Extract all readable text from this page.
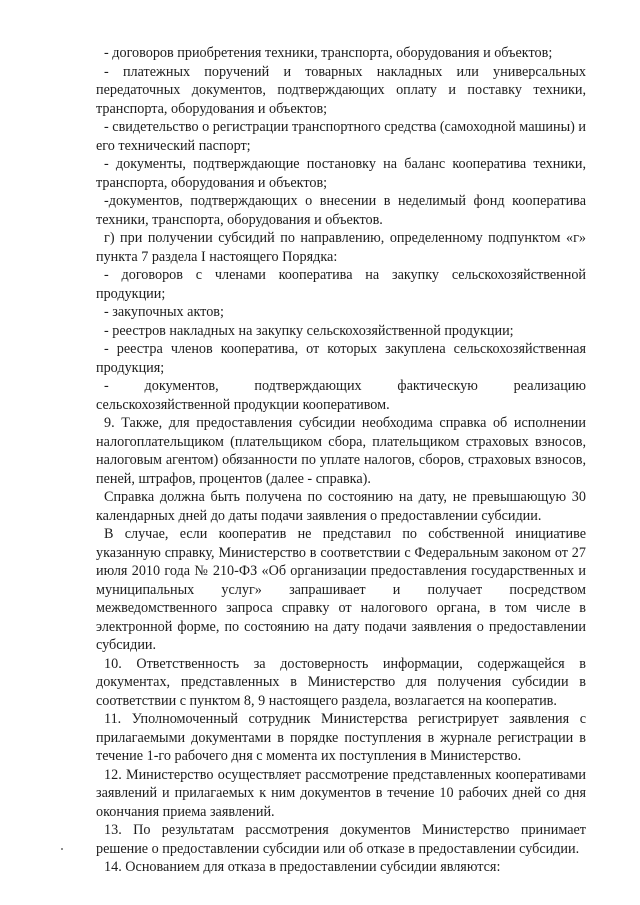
- договоров приобретения техники, транспорта, оборудования и объектов;

- платежных поручений и товарных накладных или универсальных передаточных документов, подтверждающих оплату и поставку техники, транспорта, оборудования и объектов;

- свидетельство о регистрации транспортного средства (самоходной машины) и его технический паспорт;

- документы, подтверждающие постановку на баланс кооператива техники, транспорта, оборудования и объектов;

-документов, подтверждающих о внесении в неделимый фонд кооператива техники, транспорта, оборудования и объектов.

г) при получении субсидий по направлению, определенному подпунктом «г» пункта 7 раздела I настоящего Порядка:

- договоров с членами кооператива на закупку сельскохозяйственной продукции;

- закупочных актов;

- реестров накладных на закупку сельскохозяйственной продукции;

- реестра членов кооператива, от которых закуплена сельскохозяйственная продукция;

- документов, подтверждающих фактическую реализацию сельскохозяйственной продукции кооперативом.

9. Также, для предоставления субсидии необходима справка об исполнении налогоплательщиком (плательщиком сбора, плательщиком страховых взносов, налоговым агентом) обязанности по уплате налогов, сборов, страховых взносов, пеней, штрафов, процентов (далее - справка).

Справка должна быть получена по состоянию на дату, не превышающую 30 календарных дней до даты подачи заявления о предоставлении субсидии.

В случае, если кооператив не представил по собственной инициативе указанную справку, Министерство в соответствии с Федеральным законом от 27 июля 2010 года № 210-ФЗ «Об организации предоставления государственных и муниципальных услуг» запрашивает и получает посредством межведомственного запроса справку от налогового органа, в том числе в электронной форме, по состоянию на дату подачи заявления о предоставлении субсидии.

10. Ответственность за достоверность информации, содержащейся в документах, представленных в Министерство для получения субсидии в соответствии с пунктом 8, 9 настоящего раздела, возлагается на кооператив.

11. Уполномоченный сотрудник Министерства регистрирует заявления с прилагаемыми документами в порядке поступления в журнале регистрации в течение 1-го рабочего дня с момента их поступления в Министерство.

12. Министерство осуществляет рассмотрение представленных кооперативами заявлений и прилагаемых к ним документов в течение 10 рабочих дней со дня окончания приема заявлений.

13. По результатам рассмотрения документов Министерство принимает решение о предоставлении субсидии или об отказе в предоставлении субсидии.

14. Основанием для отказа в предоставлении субсидии являются:
